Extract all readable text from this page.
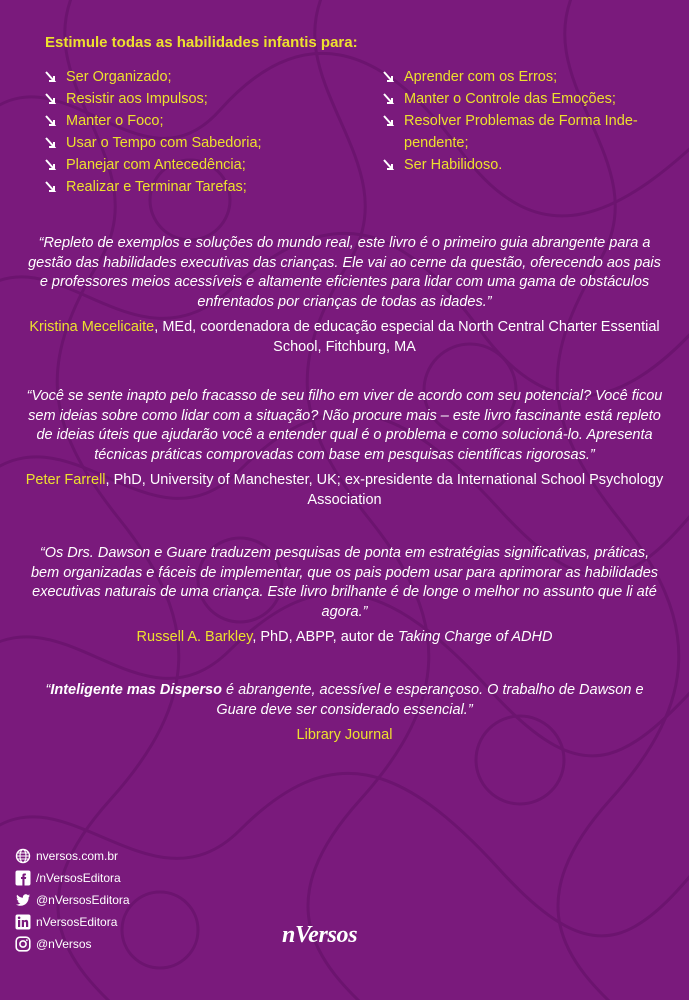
Estimule todas as habilidades infantis para:
Ser Organizado;
Resistir aos Impulsos;
Manter o Foco;
Usar o Tempo com Sabedoria;
Planejar com Antecedência;
Realizar e Terminar Tarefas;
Aprender com os Erros;
Manter o Controle das Emoções;
Resolver Problemas de Forma Inde-pendente;
Ser Habilidoso.

“Repleto de exemplos e soluções do mundo real, este livro é o primeiro guia abrangente para a gestão das habilidades executivas das crianças. Ele vai ao cerne da questão, oferecendo aos pais e professores meios acessíveis e altamente eficientes para lidar com uma gama de obstáculos enfrentados por crianças de todas as idades.”

Kristina Mecelicaite, MEd, coordenadora de educação especial da North Central Charter Essential School, Fitchburg, MA

“Você se sente inapto pelo fracasso de seu filho em viver de acordo com seu potencial? Você ficou sem ideias sobre como lidar com a situação? Não procure mais – este livro fascinante está repleto de ideias úteis que ajudarão você a entender qual é o problema e como solucioná-lo. Apresenta técnicas práticas comprovadas com base em pesquisas científicas rigorosas.”

Peter Farrell, PhD, University of Manchester, UK; ex-presidente da International School Psychology Association

“Os Drs. Dawson e Guare traduzem pesquisas de ponta em estratégias significativas, práticas, bem organizadas e fáceis de implementar, que os pais podem usar para aprimorar as habilidades executivas naturais de uma criança. Este livro brilhante é de longe o melhor no assunto que li até agora.”

Russell A. Barkley, PhD, ABPP, autor de Taking Charge of ADHD

“Inteligente mas Disperso é abrangente, acessível e esperançoso. O trabalho de Dawson e Guare deve ser considerado essencial.”

Library Journal

nversos.com.br
/nVersosEditora
@nVersosEditora
nVersosEditora
@nVersos	nVersos
